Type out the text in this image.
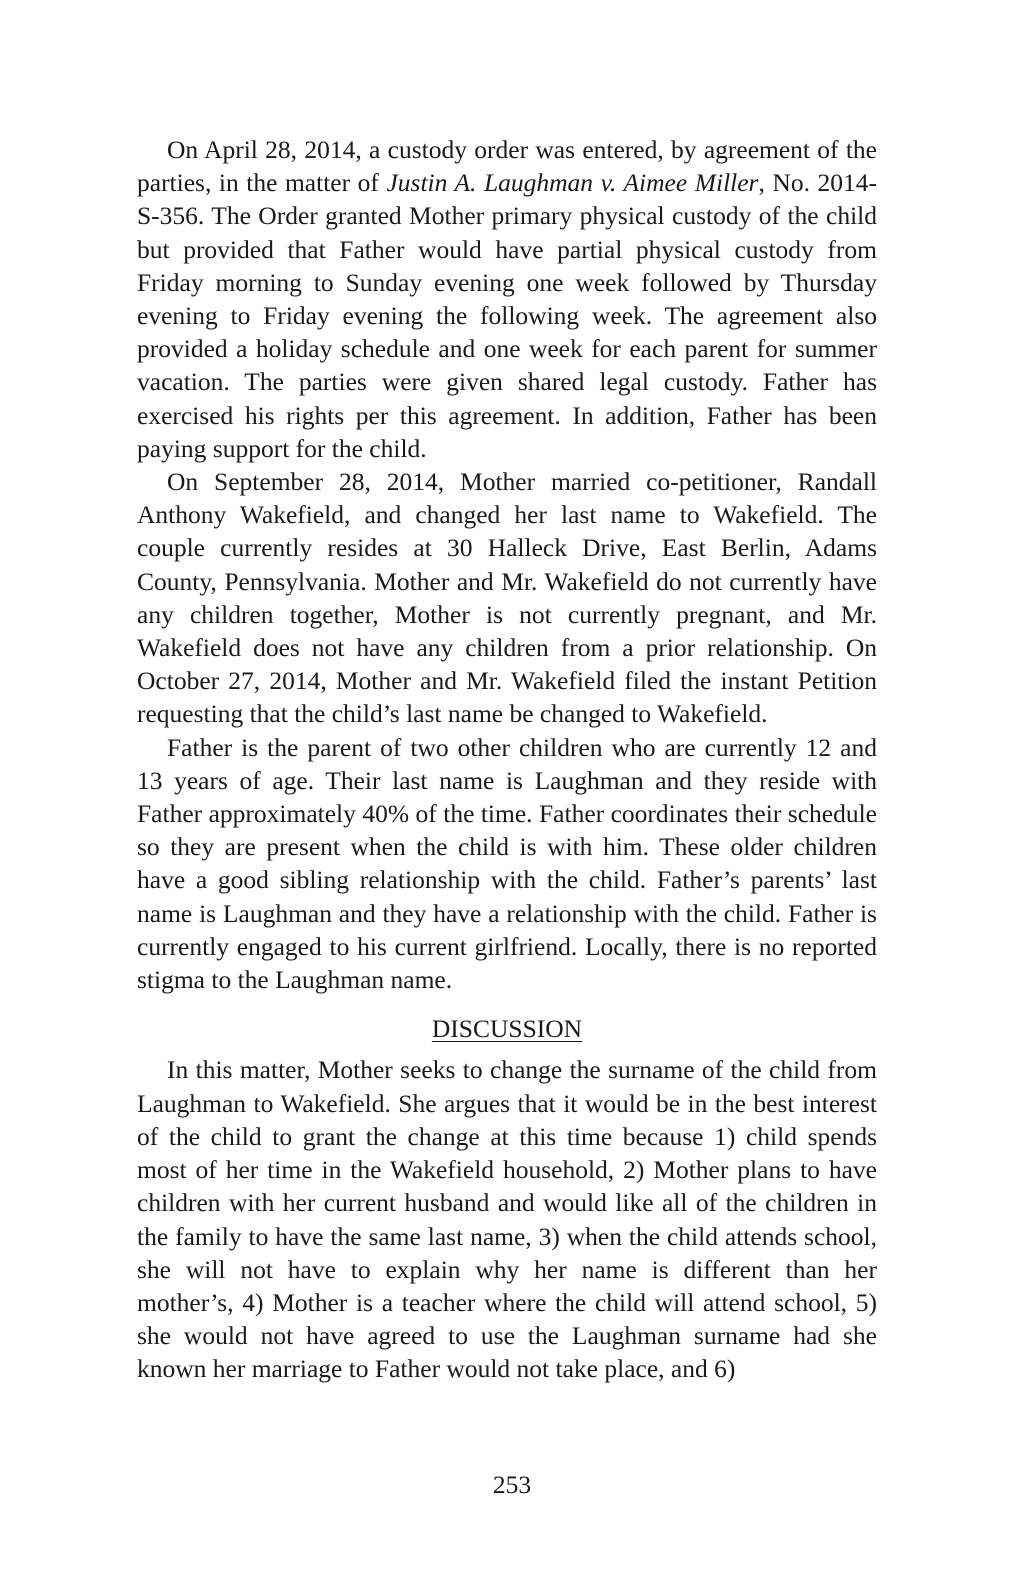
On April 28, 2014, a custody order was entered, by agreement of the parties, in the matter of Justin A. Laughman v. Aimee Miller, No. 2014-S-356. The Order granted Mother primary physical custody of the child but provided that Father would have partial physical custody from Friday morning to Sunday evening one week followed by Thursday evening to Friday evening the following week. The agreement also provided a holiday schedule and one week for each parent for summer vacation. The parties were given shared legal custody. Father has exercised his rights per this agreement. In addition, Father has been paying support for the child.

On September 28, 2014, Mother married co-petitioner, Randall Anthony Wakefield, and changed her last name to Wakefield. The couple currently resides at 30 Halleck Drive, East Berlin, Adams County, Pennsylvania. Mother and Mr. Wakefield do not currently have any children together, Mother is not currently pregnant, and Mr. Wakefield does not have any children from a prior relationship. On October 27, 2014, Mother and Mr. Wakefield filed the instant Petition requesting that the child’s last name be changed to Wakefield.

Father is the parent of two other children who are currently 12 and 13 years of age. Their last name is Laughman and they reside with Father approximately 40% of the time. Father coordinates their schedule so they are present when the child is with him. These older children have a good sibling relationship with the child. Father’s parents’ last name is Laughman and they have a relationship with the child. Father is currently engaged to his current girlfriend. Locally, there is no reported stigma to the Laughman name.

DISCUSSION

In this matter, Mother seeks to change the surname of the child from Laughman to Wakefield. She argues that it would be in the best interest of the child to grant the change at this time because 1) child spends most of her time in the Wakefield household, 2) Mother plans to have children with her current husband and would like all of the children in the family to have the same last name, 3) when the child attends school, she will not have to explain why her name is different than her mother’s, 4) Mother is a teacher where the child will attend school, 5) she would not have agreed to use the Laughman surname had she known her marriage to Father would not take place, and 6)

253
